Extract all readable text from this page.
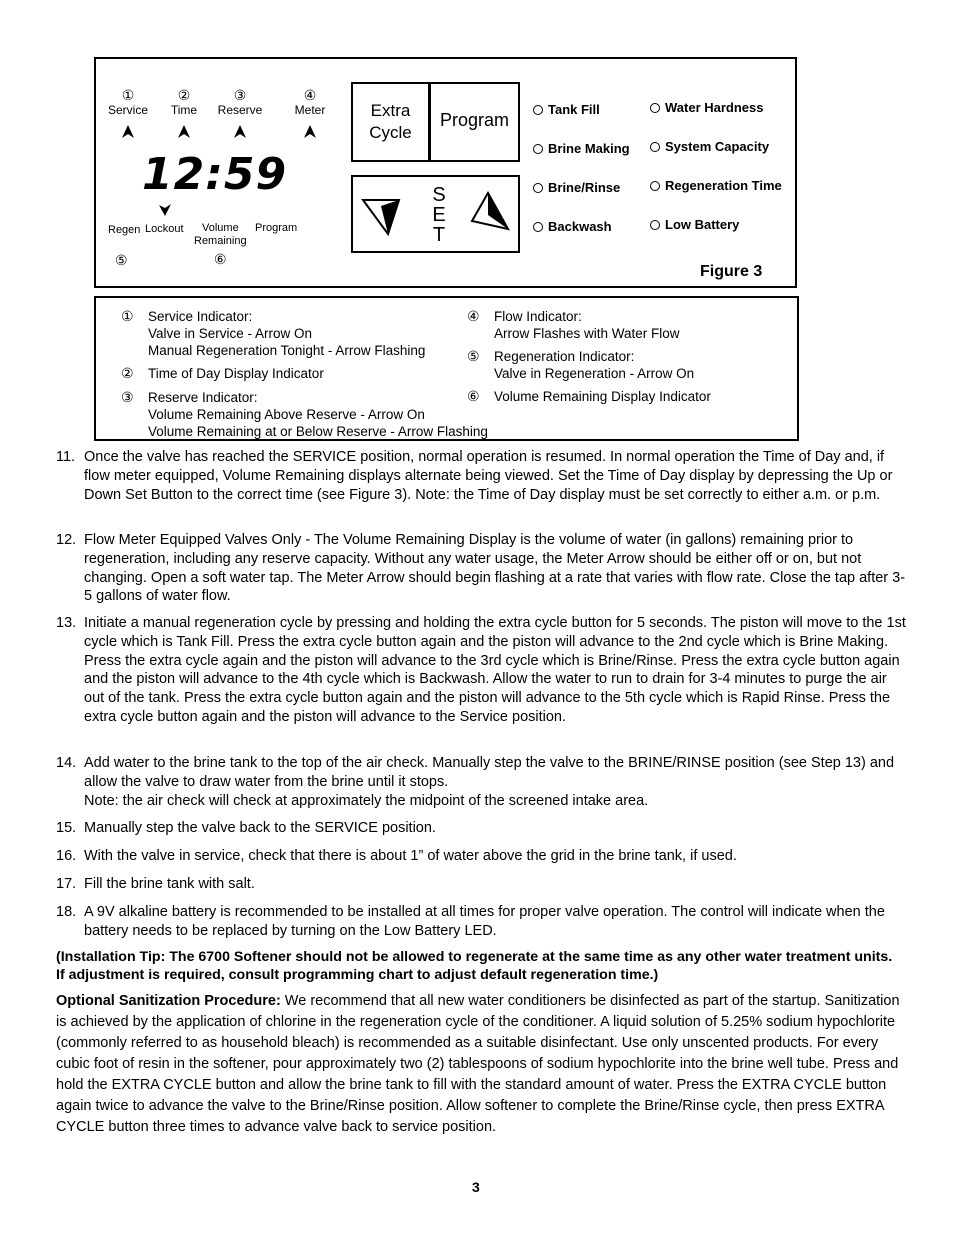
①
Service
②
Time
③
Reserve
④
Meter
12:59
Regen Lockout Volume
Remaining
Program
⑤	⑥
Extra
Cycle
Program
S
E
T
Tank Fill
Brine Making
Brine/Rinse
Backwash
Water Hardness
System Capacity
Regeneration Time
Low Battery
Figure 3
① Service Indicator:
Valve in Service - Arrow On
Manual Regeneration Tonight - Arrow Flashing
② Time of Day Display Indicator
③ Reserve Indicator:
Volume Remaining Above Reserve - Arrow On
Volume Remaining at or Below Reserve - Arrow Flashing
④ Flow Indicator:
Arrow Flashes with Water Flow
⑤ Regeneration Indicator:
Valve in Regeneration - Arrow On
⑥ Volume Remaining Display Indicator
11. Once the valve has reached the SERVICE position, normal operation is resumed. In normal operation the Time of Day and, if flow meter equipped, Volume Remaining displays alternate being viewed. Set the Time of Day display by depressing the Up or Down Set Button to the correct time (see Figure 3). Note: the Time of Day display must be set correctly to either a.m. or p.m.
12. Flow Meter Equipped Valves Only - The Volume Remaining Display is the volume of water (in gallons) remaining prior to regeneration, including any reserve capacity. Without any water usage, the Meter Arrow should be either off or on, but not changing. Open a soft water tap. The Meter Arrow should begin flashing at a rate that varies with flow rate. Close the tap after 3-5 gallons of water flow.
13. Initiate a manual regeneration cycle by pressing and holding the extra cycle button for 5 seconds. The piston will move to the 1st cycle which is Tank Fill. Press the extra cycle button again and the piston will advance to the 2nd cycle which is Brine Making. Press the extra cycle again and the piston will advance to the 3rd cycle which is Brine/Rinse. Press the extra cycle button again and the piston will advance to the 4th cycle which is Backwash. Allow the water to run to drain for 3-4 minutes to purge the air out of the tank. Press the extra cycle button again and the piston will advance to the 5th cycle which is Rapid Rinse. Press the extra cycle button again and the piston will advance to the Service position.
14. Add water to the brine tank to the top of the air check. Manually step the valve to the BRINE/RINSE position (see Step 13) and allow the valve to draw water from the brine until it stops.
Note: the air check will check at approximately the midpoint of the screened intake area.
15. Manually step the valve back to the SERVICE position.
16. With the valve in service, check that there is about 1” of water above the grid in the brine tank, if used.
17. Fill the brine tank with salt.
18. A 9V alkaline battery is recommended to be installed at all times for proper valve operation. The control will indicate when the battery needs to be replaced by turning on the Low Battery LED.
(Installation Tip: The 6700 Softener should not be allowed to regenerate at the same time as any other water treatment units. If adjustment is required, consult programming chart to adjust default regeneration time.)
Optional Sanitization Procedure: We recommend that all new water conditioners be disinfected as part of the startup. Sanitization is achieved by the application of chlorine in the regeneration cycle of the conditioner. A liquid solution of 5.25% sodium hypochlorite (commonly referred to as household bleach) is recommended as a suitable disinfectant. Use only unscented products. For every cubic foot of resin in the softener, pour approximately two (2) tablespoons of sodium hypochlorite into the brine well tube. Press and hold the EXTRA CYCLE button and allow the brine tank to fill with the standard amount of water. Press the EXTRA CYCLE button again twice to advance the valve to the Brine/Rinse position. Allow softener to complete the Brine/Rinse cycle, then press EXTRA CYCLE button three times to advance valve back to service position.
3
